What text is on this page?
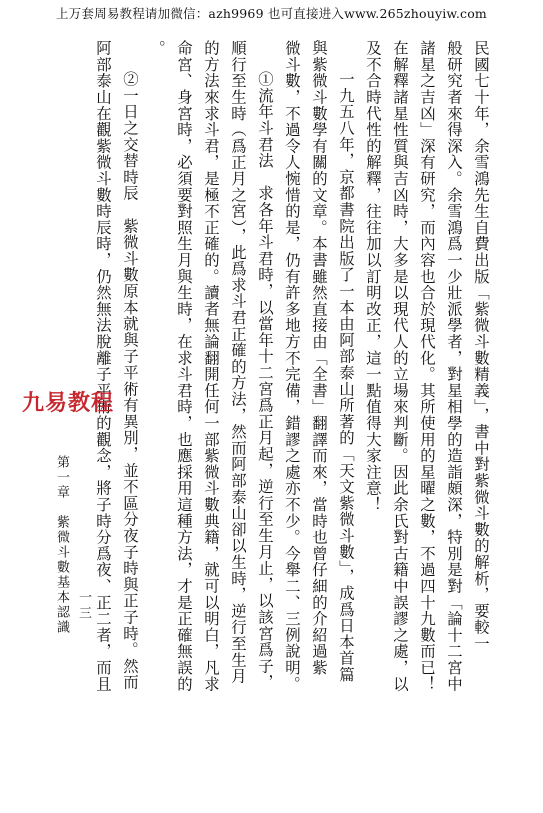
上万套周易教程请加微信：azh9969 也可直接进入www.265zhouyiw.com
民國七十年，余雪鴻先生自費出版「紫微斗數精義」，書中對紫微斗數的解析，要較一
般研究者來得深入。余雪鴻爲一少壯派學者，對星相學的造詣頗深，特別是對「論十二宮中
諸星之吉凶」深有研究，而內容也合於現代化。其所使用的星曜之數，不過四十九數而已！
在解釋諸星性質與吉凶時，大多是以現代人的立場來判斷。因此余氏對古籍中誤謬之處，以
及不合時代性的解釋，往往加以訂明改正，這一點值得大家注意！
一九五八年，京都書院出版了一本由阿部泰山所著的「天文紫微斗數」，成爲日本首篇
與紫微斗數學有關的文章。本書雖然直接由「全書」翻譯而來，當時也曾仔細的介紹過紫
微斗數，不過令人惋惜的是，仍有許多地方不完備，錯謬之處亦不少。今舉二、三例說明。
①流年斗君法　求各年斗君時，以當年十二宮爲正月起，逆行至生月止，以該宮爲子，
順行至生時（爲正月之宮），此爲求斗君正確的方法，然而阿部泰山卻以生時，逆行至生月
的方法來求斗君，是極不正確的。讀者無論翻開任何一部紫微斗數典籍，就可以明白，凡求
命宮、身宮時，必須要對照生月與生時，在求斗君時，也應採用這種方法，才是正確無誤的
。
②一日之交替時辰　紫微斗數原本就與子平術有異別，並不區分夜子時與正子時。然而
阿部泰山在觀紫微斗數時辰時，仍然無法脫離子平術的觀念，將子時分爲夜、正二者，而且
九易教程
第一章　紫微斗數基本認識 一三
